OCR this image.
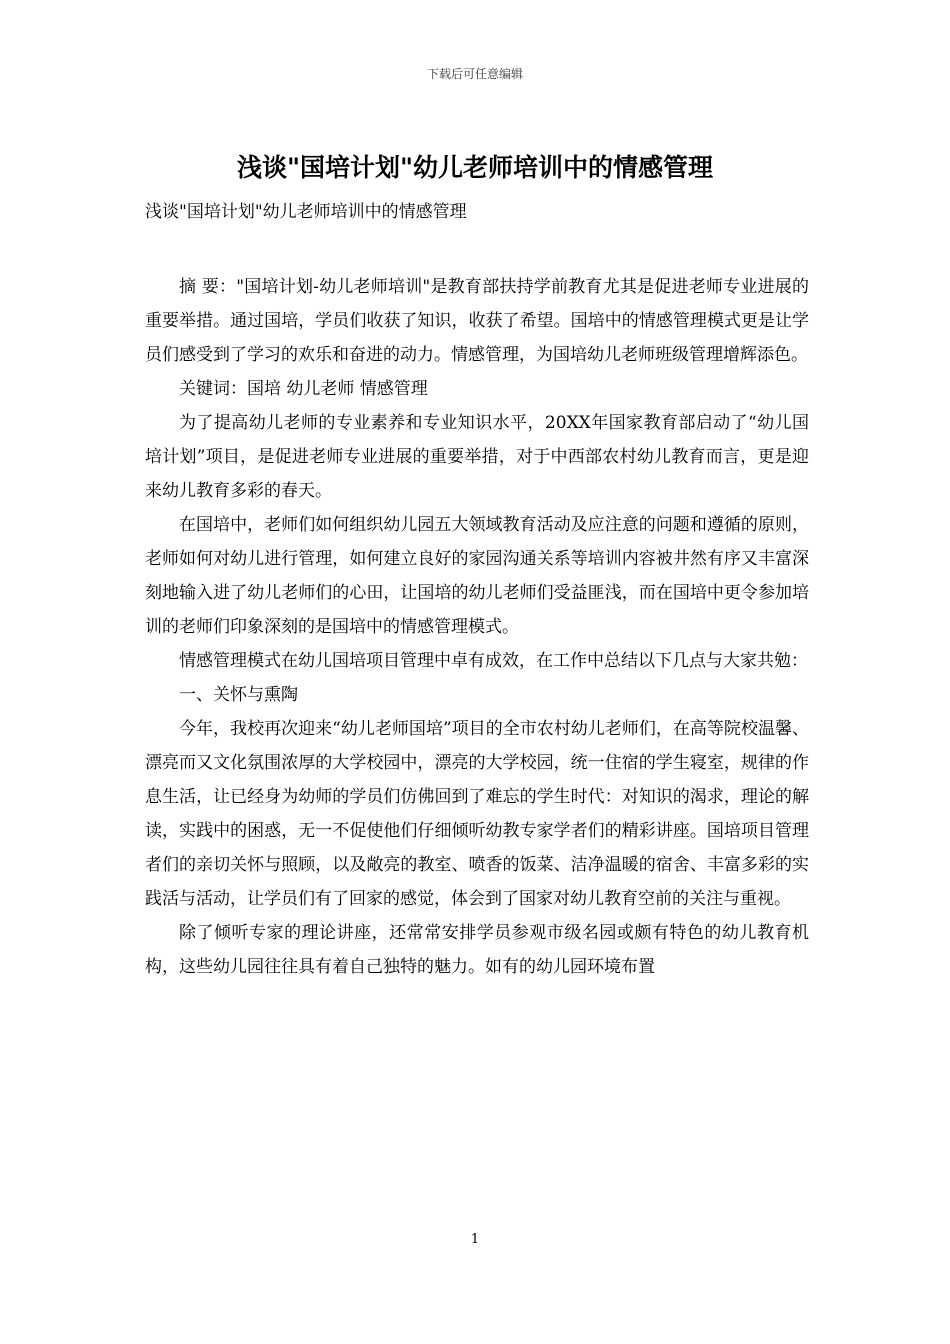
下载后可任意编辑
浅谈"国培计划"幼儿老师培训中的情感管理

浅谈"国培计划"幼儿老师培训中的情感管理

摘 要："国培计划-幼儿老师培训"是教育部扶持学前教育尤其是促进老师专业进展的重要举措。通过国培，学员们收获了知识，收获了希望。国培中的情感管理模式更是让学员们感受到了学习的欢乐和奋进的动力。情感管理，为国培幼儿老师班级管理增辉添色。

关键词：国培 幼儿老师 情感管理

为了提高幼儿老师的专业素养和专业知识水平，20XX年国家教育部启动了“幼儿国培计划”项目，是促进老师专业进展的重要举措，对于中西部农村幼儿教育而言，更是迎来幼儿教育多彩的春天。

在国培中，老师们如何组织幼儿园五大领域教育活动及应注意的问题和遵循的原则，老师如何对幼儿进行管理，如何建立良好的家园沟通关系等培训内容被井然有序又丰富深刻地输入进了幼儿老师们的心田，让国培的幼儿老师们受益匪浅，而在国培中更令参加培训的老师们印象深刻的是国培中的情感管理模式。

情感管理模式在幼儿国培项目管理中卓有成效，在工作中总结以下几点与大家共勉：

一、关怀与熏陶

今年，我校再次迎来“幼儿老师国培”项目的全市农村幼儿老师们，在高等院校温馨、漂亮而又文化氛围浓厚的大学校园中，漂亮的大学校园，统一住宿的学生寝室，规律的作息生活，让已经身为幼师的学员们仿佛回到了难忘的学生时代：对知识的渴求，理论的解读，实践中的困惑，无一不促使他们仔细倾听幼教专家学者们的精彩讲座。国培项目管理者们的亲切关怀与照顾，以及敞亮的教室、喷香的饭菜、洁净温暖的宿舍、丰富多彩的实践活与活动，让学员们有了回家的感觉，体会到了国家对幼儿教育空前的关注与重视。

除了倾听专家的理论讲座，还常常安排学员参观市级名园或颇有特色的幼儿教育机构，这些幼儿园往往具有着自己独特的魅力。如有的幼儿园环境布置

1
